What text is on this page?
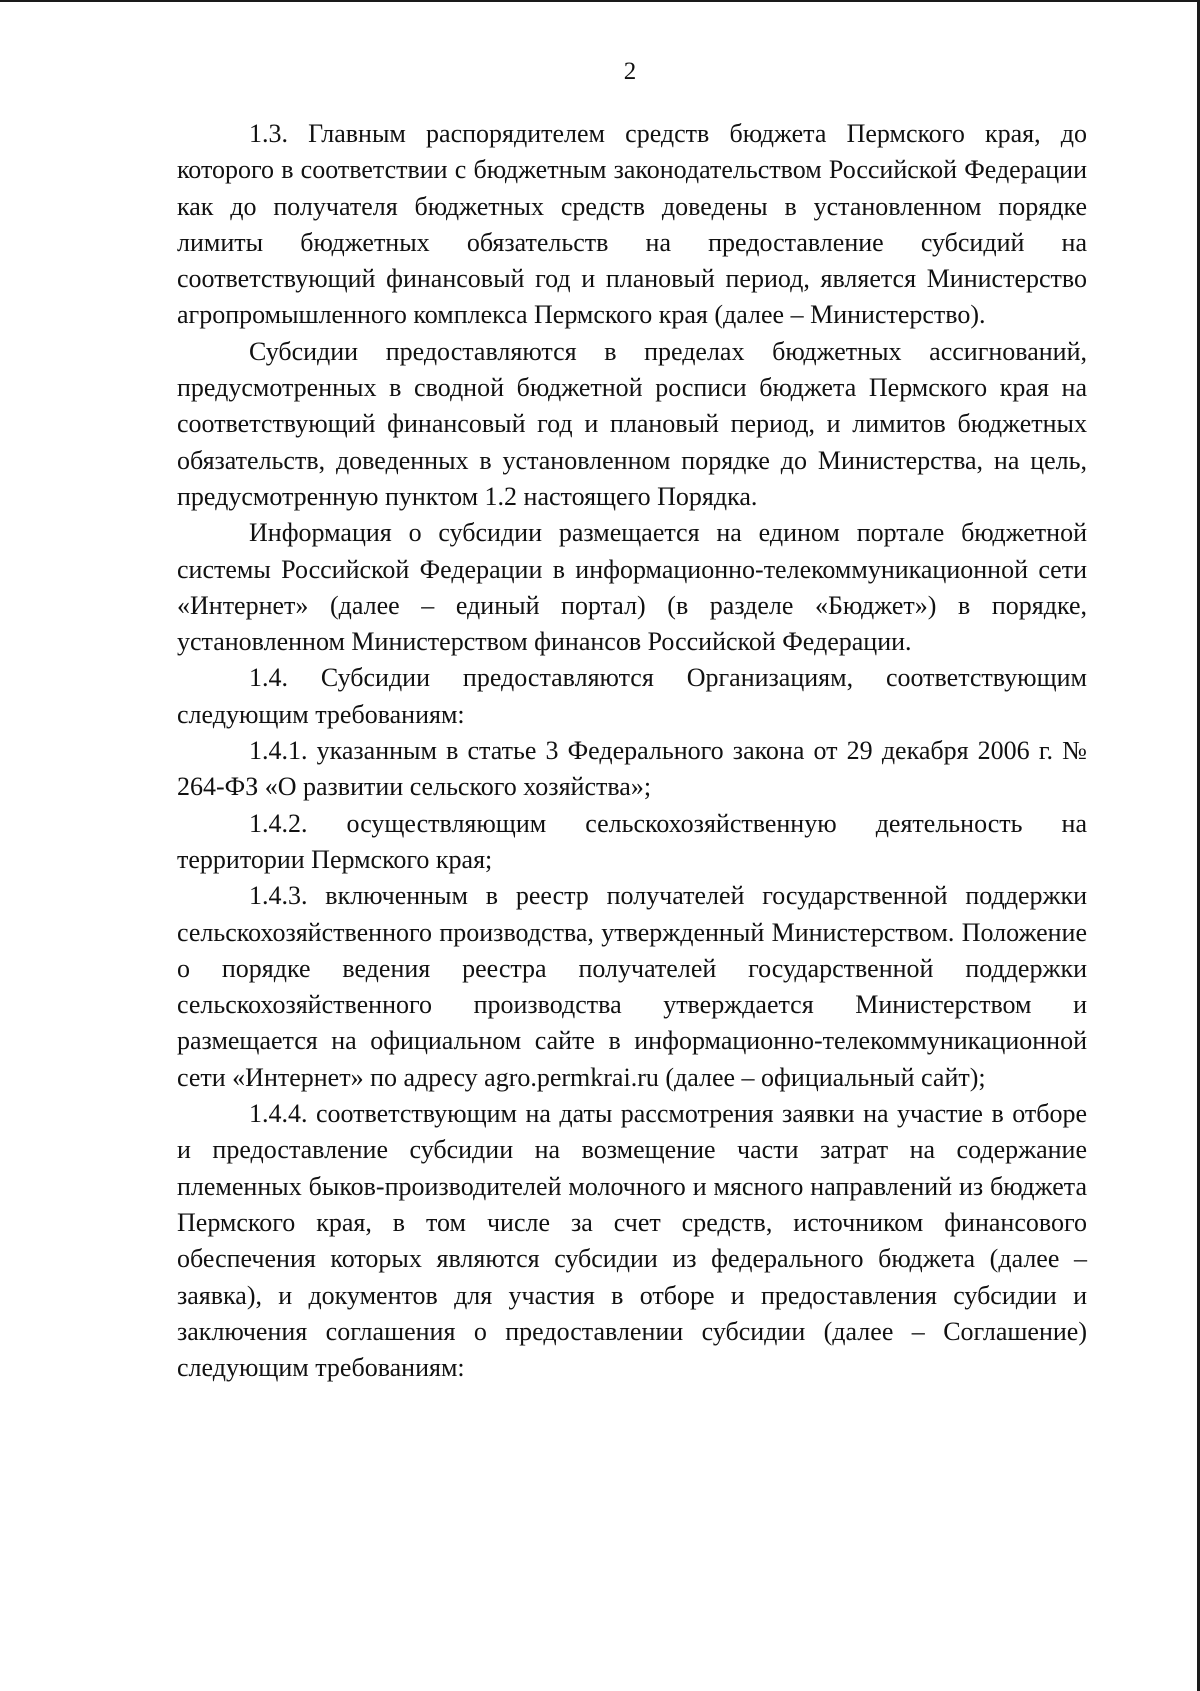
2

1.3. Главным распорядителем средств бюджета Пермского края, до которого в соответствии с бюджетным законодательством Российской Федерации как до получателя бюджетных средств доведены в установленном порядке лимиты бюджетных обязательств на предоставление субсидий на соответствующий финансовый год и плановый период, является Министерство агропромышленного комплекса Пермского края (далее – Министерство).

Субсидии предоставляются в пределах бюджетных ассигнований, предусмотренных в сводной бюджетной росписи бюджета Пермского края на соответствующий финансовый год и плановый период, и лимитов бюджетных обязательств, доведенных в установленном порядке до Министерства, на цель, предусмотренную пунктом 1.2 настоящего Порядка.

Информация о субсидии размещается на едином портале бюджетной системы Российской Федерации в информационно-телекоммуникационной сети «Интернет» (далее – единый портал) (в разделе «Бюджет») в порядке, установленном Министерством финансов Российской Федерации.

1.4. Субсидии предоставляются Организациям, соответствующим следующим требованиям:

1.4.1. указанным в статье 3 Федерального закона от 29 декабря 2006 г. № 264-ФЗ «О развитии сельского хозяйства»;

1.4.2. осуществляющим сельскохозяйственную деятельность на территории Пермского края;

1.4.3. включенным в реестр получателей государственной поддержки сельскохозяйственного производства, утвержденный Министерством. Положение о порядке ведения реестра получателей государственной поддержки сельскохозяйственного производства утверждается Министерством и размещается на официальном сайте в информационно-телекоммуникационной сети «Интернет» по адресу agro.permkrai.ru (далее – официальный сайт);

1.4.4. соответствующим на даты рассмотрения заявки на участие в отборе и предоставление субсидии на возмещение части затрат на содержание племенных быков-производителей молочного и мясного направлений из бюджета Пермского края, в том числе за счет средств, источником финансового обеспечения которых являются субсидии из федерального бюджета (далее – заявка), и документов для участия в отборе и предоставления субсидии и заключения соглашения о предоставлении субсидии (далее – Соглашение) следующим требованиям:
